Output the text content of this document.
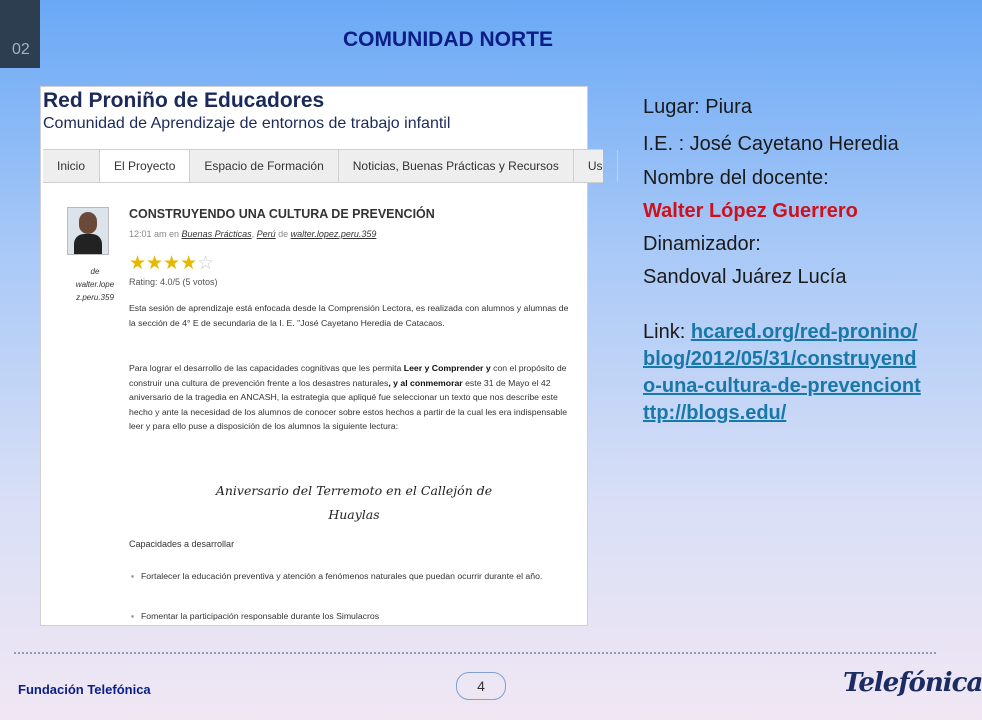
02	COMUNIDAD NORTE
Red Proniño de Educadores
Comunidad de Aprendizaje de entornos de trabajo infantil
Inicio	El Proyecto	Espacio de Formación	Noticias, Buenas Prácticas y Recursos	Us
de
walter.lope
z.peru.359
CONSTRUYENDO UNA CULTURA DE PREVENCIÓN
12:01 am en Buenas Prácticas, Perú de walter.lopez.peru.359
★★★★☆
Rating: 4.0/5 (5 votos)
Esta sesión de aprendizaje está enfocada desde la Comprensión Lectora, es realizada con alumnos y alumnas de la sección de 4° E de secundaria de la I. E. "José Cayetano Heredia de Catacaos.
Para lograr el desarrollo de las capacidades cognitivas que les permita Leer y Comprender y con el propósito de construir una cultura de prevención frente a los desastres naturales, y al conmemorar este 31 de Mayo el 42 aniversario de la tragedia en ANCASH, la estrategia que apliqué fue seleccionar un texto que nos describe este hecho y ante la necesidad de los alumnos de conocer sobre estos hechos a partir de la cual les era indispensable leer y para ello puse a disposición de los alumnos la siguiente lectura:
Aniversario del Terremoto en el Callejón de
Huaylas
Capacidades a desarrollar
▪ Fortalecer la educación preventiva y atención a fenómenos naturales que puedan ocurrir durante el año.
▪ Fomentar la participación responsable durante los Simulacros

Lugar: Piura

I.E. : José Cayetano Heredia

Nombre del docente:

Walter López Guerrero

Dinamizador:

Sandoval Juárez Lucía

Link: hcared.org/red-pronino/blog/2012/05/31/construyendo-una-cultura-de-prevenciontttp://blogs.edu/

Fundación Telefónica	4	Telefónica
